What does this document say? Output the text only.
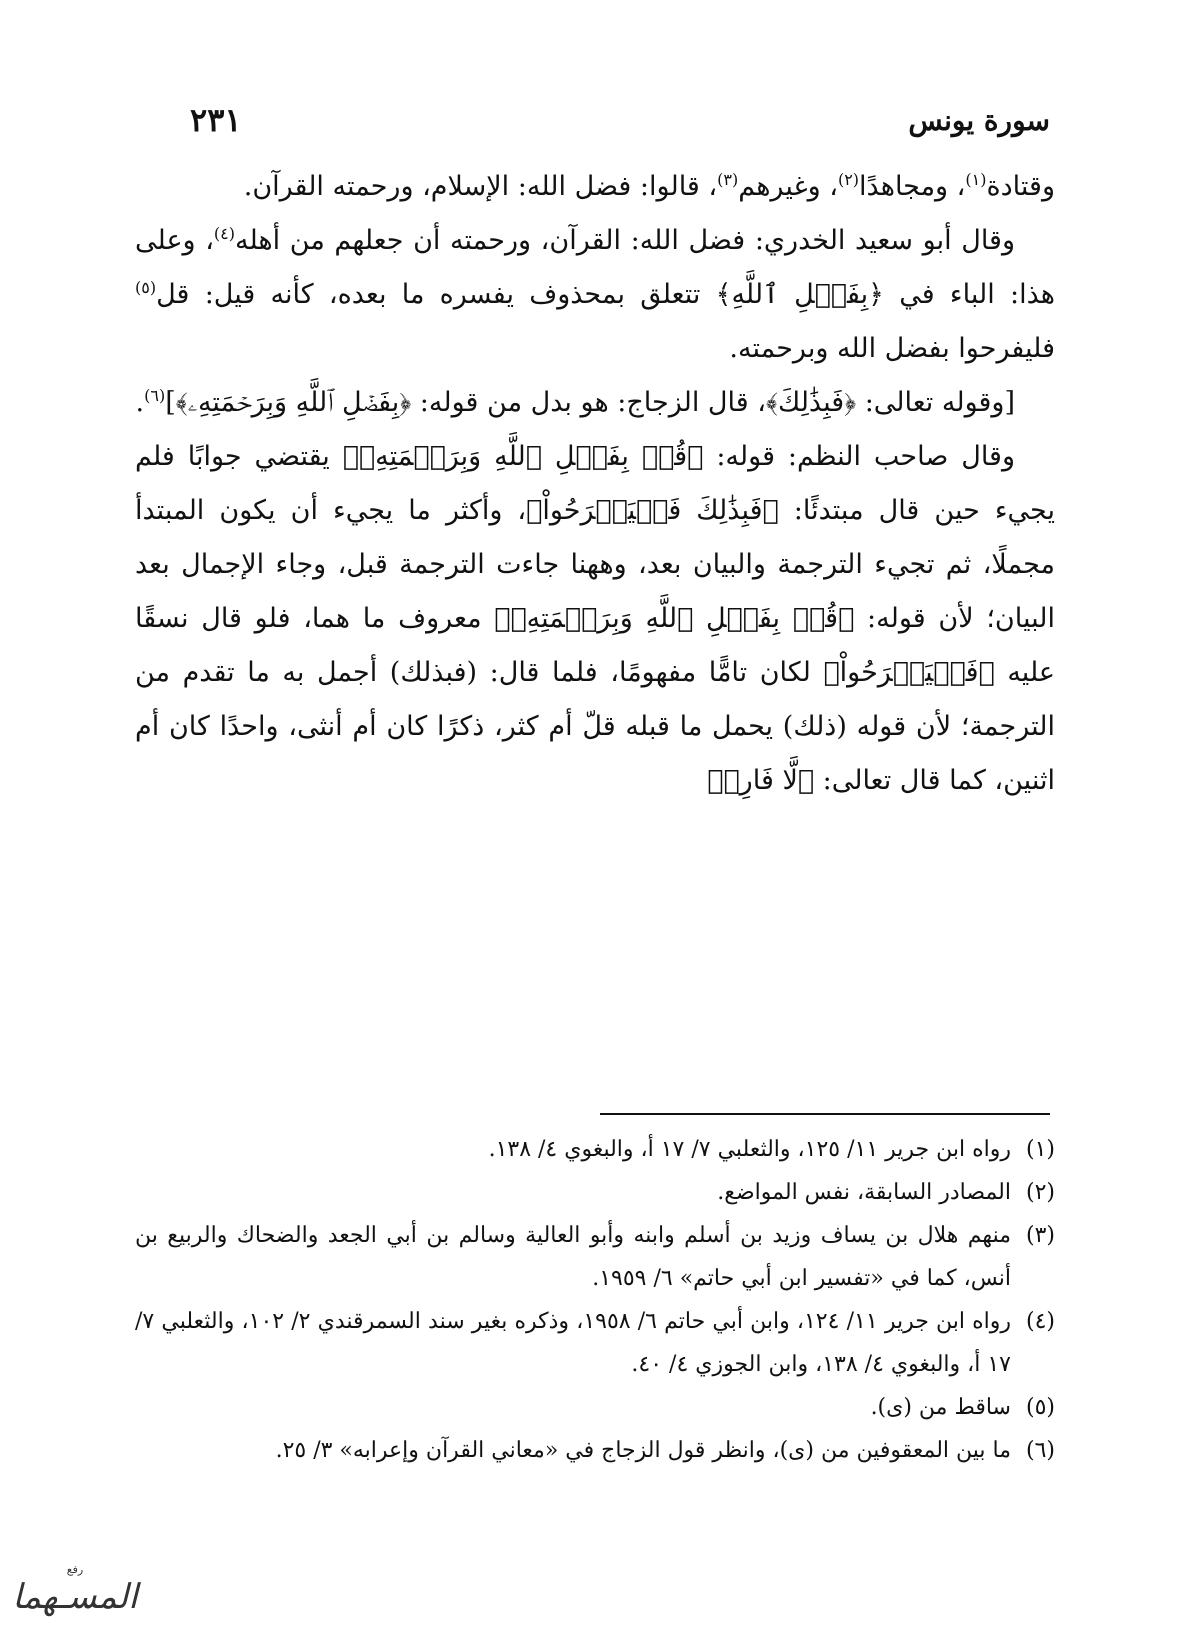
سورة يونس
٢٣١

وقتادة$^{(١)}$، ومجاهدًا$^{(٢)}$، وغيرهم$^{(٣)}$، قالوا: فضل الله: الإسلام، ورحمته القرآن.

وقال أبو سعيد الخدري: فضل الله: القرآن، ورحمته أن جعلهم من أهله$^{(٤)}$، وعلى هذا: الباء في ﴿بِفَضۡلِ ٱللَّهِ﴾ تتعلق بمحذوف يفسره ما بعده، كأنه قيل: قل$^{(٥)}$ فليفرحوا بفضل الله وبرحمته.

[وقوله تعالى: ﴿فَبِذَٰلِكَ﴾، قال الزجاج: هو بدل من قوله: ﴿بِفَضۡلِ ٱللَّهِ وَبِرَحۡمَتِهِۦ﴾]$^{(٦)}$.

وقال صاحب النظم: قوله: ﴿قُلۡ بِفَضۡلِ ٱللَّهِ وَبِرَحۡمَتِهِۦ﴾ يقتضي جوابًا فلم يجيء حين قال مبتدئًا: ﴿فَبِذَٰلِكَ فَلۡيَفۡرَحُواْ﴾، وأكثر ما يجيء أن يكون المبتدأ مجملًا، ثم تجيء الترجمة والبيان بعد، وههنا جاءت الترجمة قبل، وجاء الإجمال بعد البيان؛ لأن قوله: ﴿قُلۡ بِفَضۡلِ ٱللَّهِ وَبِرَحۡمَتِهِۦ﴾ معروف ما هما، فلو قال نسقًا عليه ﴿فَلۡيَفۡرَحُواْ﴾ لكان تامًّا مفهومًا، فلما قال: (فبذلك) أجمل به ما تقدم من الترجمة؛ لأن قوله (ذلك) يحمل ما قبله قلّ أم كثر، ذكرًا كان أم أنثى، واحدًا كان أم اثنين، كما قال تعالى: ﴿لَّا فَارِضٞ

(١)
رواه ابن جرير ١١/ ١٢٥، والثعلبي ٧/ ١٧ أ، والبغوي ٤/ ١٣٨.
(٢)
المصادر السابقة، نفس المواضع.
(٣)
منهم هلال بن يساف وزيد بن أسلم وابنه وأبو العالية وسالم بن أبي الجعد والضحاك والربيع بن أنس، كما في «تفسير ابن أبي حاتم» ٦/ ١٩٥٩.
(٤)
رواه ابن جرير ١١/ ١٢٤، وابن أبي حاتم ٦/ ١٩٥٨، وذكره بغير سند السمرقندي ٢/ ١٠٢، والثعلبي ٧/ ١٧ أ، والبغوي ٤/ ١٣٨، وابن الجوزي ٤/ ٤٠.
(٥)
ساقط من (ى).
(٦)
ما بين المعقوفين من (ى)، وانظر قول الزجاج في «معاني القرآن وإعرابه» ٣/ ٢٥.
رفع
المسـهما
